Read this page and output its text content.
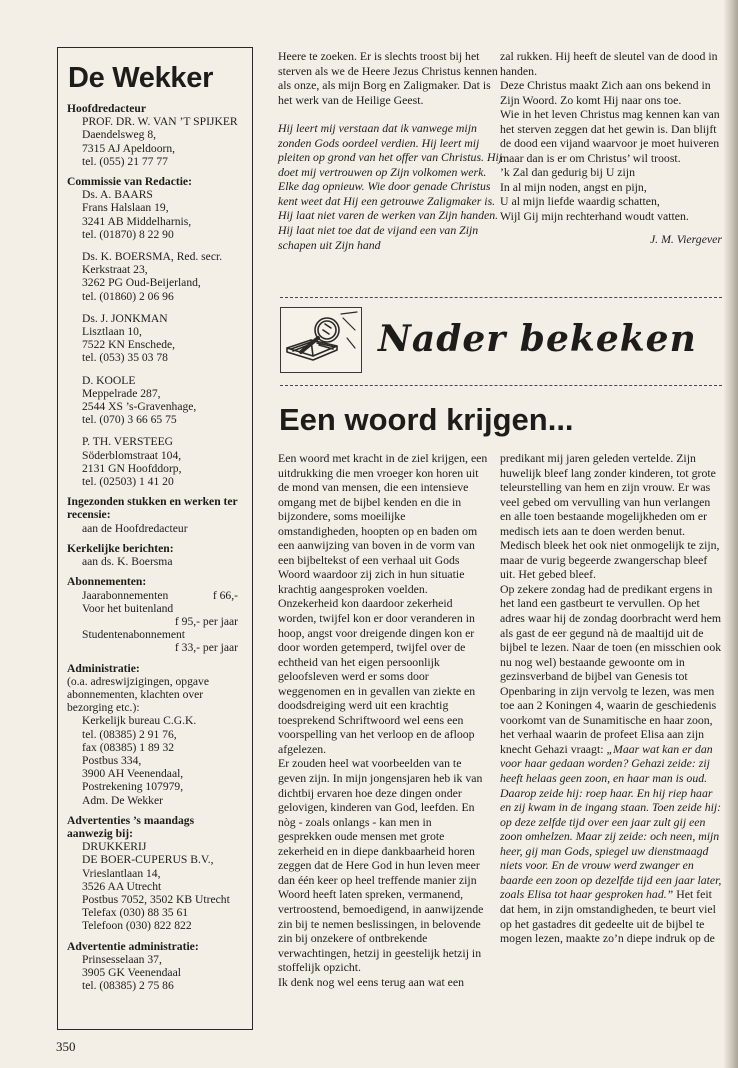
De Wekker
Hoofdredacteur
PROF. DR. W. VAN ’T SPIJKER
Daendelsweg 8,
7315 AJ Apeldoorn,
tel. (055) 21 77 77
Commissie van Redactie:
Ds. A. BAARS
Frans Halslaan 19,
3241 AB Middelharnis,
tel. (01870) 8 22 90
Ds. K. BOERSMA, Red. secr.
Kerkstraat 23,
3262 PG Oud-Beijerland,
tel. (01860) 2 06 96
Ds. J. JONKMAN
Lisztlaan 10,
7522 KN Enschede,
tel. (053) 35 03 78
D. KOOLE
Meppelrade 287,
2544 XS ’s-Gravenhage,
tel. (070) 3 66 65 75
P. TH. VERSTEEG
Söderblomstraat 104,
2131 GN Hoofddorp,
tel. (02503) 1 41 20
Ingezonden stukken en werken ter recensie:
aan de Hoofdredacteur
Kerkelijke berichten:
aan ds. K. Boersma
Abonnementen:
Jaarabonnementen	f 66,-
Voor het buitenland
f 95,- per jaar
Studentenabonnement
f 33,- per jaar
Administratie:
(o.a. adreswijzigingen, opgave
abonnementen, klachten over
bezorging etc.):
Kerkelijk bureau C.G.K.
tel. (08385) 2 91 76,
fax (08385) 1 89 32
Postbus 334,
3900 AH Veenendaal,
Postrekening 107979,
Adm. De Wekker
Advertenties ’s maandags
aanwezig bij:
DRUKKERIJ
DE BOER-CUPERUS B.V.,
Vrieslantlaan 14,
3526 AA Utrecht
Postbus 7052, 3502 KB Utrecht
Telefax (030) 88 35 61
Telefoon (030) 822 822
Advertentie administratie:
Prinsesselaan 37,
3905 GK Veenendaal
tel. (08385) 2 75 86

Heere te zoeken. Er is slechts troost bij het sterven als we de Heere Jezus Christus kennen als onze, als mijn Borg en Zaligmaker. Dat is het werk van de Heilige Geest.

Hij leert mij verstaan dat ik vanwege mijn zonden Gods oordeel verdien. Hij leert mij pleiten op grond van het offer van Christus. Hij doet mij vertrouwen op Zijn volkomen werk. Elke dag opnieuw. Wie door genade Christus kent weet dat Hij een getrouwe Zaligmaker is. Hij laat niet varen de werken van Zijn handen. Hij laat niet toe dat de vijand een van Zijn schapen uit Zijn hand

zal rukken. Hij heeft de sleutel van de dood in handen.

Deze Christus maakt Zich aan ons bekend in Zijn Woord. Zo komt Hij naar ons toe.

Wie in het leven Christus mag kennen kan van het sterven zeggen dat het gewin is. Dan blijft de dood een vijand waarvoor je moet huiveren maar dan is er om Christus’ wil troost.

’k Zal dan gedurig bij U zijn

In al mijn noden, angst en pijn,

U al mijn liefde waardig schatten,

Wijl Gij mijn rechterhand woudt vatten.

J. M. Viergever

Nader bekeken
Een woord krijgen...

Een woord met kracht in de ziel krijgen, een uitdrukking die men vroeger kon horen uit de mond van mensen, die een intensieve omgang met de bijbel kenden en die in bijzondere, soms moeilijke omstandigheden, hoopten op en baden om een aanwijzing van boven in de vorm van een bijbeltekst of een verhaal uit Gods Woord waardoor zij zich in hun situatie krachtig aangesproken voelden.

Onzekerheid kon daardoor zekerheid worden, twijfel kon er door veranderen in hoop, angst voor dreigende dingen kon er door worden getemperd, twijfel over de echtheid van het eigen persoonlijk geloofsleven werd er soms door weggenomen en in gevallen van ziekte en doodsdreiging werd uit een krachtig toesprekend Schriftwoord wel eens een voorspelling van het verloop en de afloop afgelezen.

Er zouden heel wat voorbeelden van te geven zijn. In mijn jongensjaren heb ik van dichtbij ervaren hoe deze dingen onder gelovigen, kinderen van God, leefden. En nòg - zoals onlangs - kan men in gesprekken oude mensen met grote zekerheid en in diepe dankbaarheid horen zeggen dat de Here God in hun leven meer dan één keer op heel treffende manier zijn Woord heeft laten spreken, vermanend, vertroostend, bemoedigend, in aanwijzende zin bij te nemen beslissingen, in belovende zin bij onzekere of ontbrekende verwachtingen, hetzij in geestelijk hetzij in stoffelijk opzicht.

Ik denk nog wel eens terug aan wat een

predikant mij jaren geleden vertelde. Zijn huwelijk bleef lang zonder kinderen, tot grote teleurstelling van hem en zijn vrouw. Er was veel gebed om vervulling van hun verlangen en alle toen bestaande mogelijkheden om er medisch iets aan te doen werden benut. Medisch bleek het ook niet onmogelijk te zijn, maar de vurig begeerde zwangerschap bleef uit. Het gebed bleef.

Op zekere zondag had de predikant ergens in het land een gastbeurt te vervullen. Op het adres waar hij de zondag doorbracht werd hem als gast de eer gegund nà de maaltijd uit de bijbel te lezen. Naar de toen (en misschien ook nu nog wel) bestaande gewoonte om in gezinsverband de bijbel van Genesis tot Openbaring in zijn vervolg te lezen, was men toe aan 2 Koningen 4, waarin de geschiedenis voorkomt van de Sunamitische en haar zoon, het verhaal waarin de profeet Elisa aan zijn knecht Gehazi vraagt: „Maar wat kan er dan voor haar gedaan worden? Gehazi zeide: zij heeft helaas geen zoon, en haar man is oud. Daarop zeide hij: roep haar. En hij riep haar en zij kwam in de ingang staan. Toen zeide hij: op deze zelfde tijd over een jaar zult gij een zoon omhelzen. Maar zij zeide: och neen, mijn heer, gij man Gods, spiegel uw dienstmaagd niets voor. En de vrouw werd zwanger en baarde een zoon op dezelfde tijd een jaar later, zoals Elisa tot haar gesproken had.” Het feit dat hem, in zijn omstandigheden, te beurt viel op het gastadres dit gedeelte uit de bijbel te mogen lezen, maakte zo’n diepe indruk op de

350
